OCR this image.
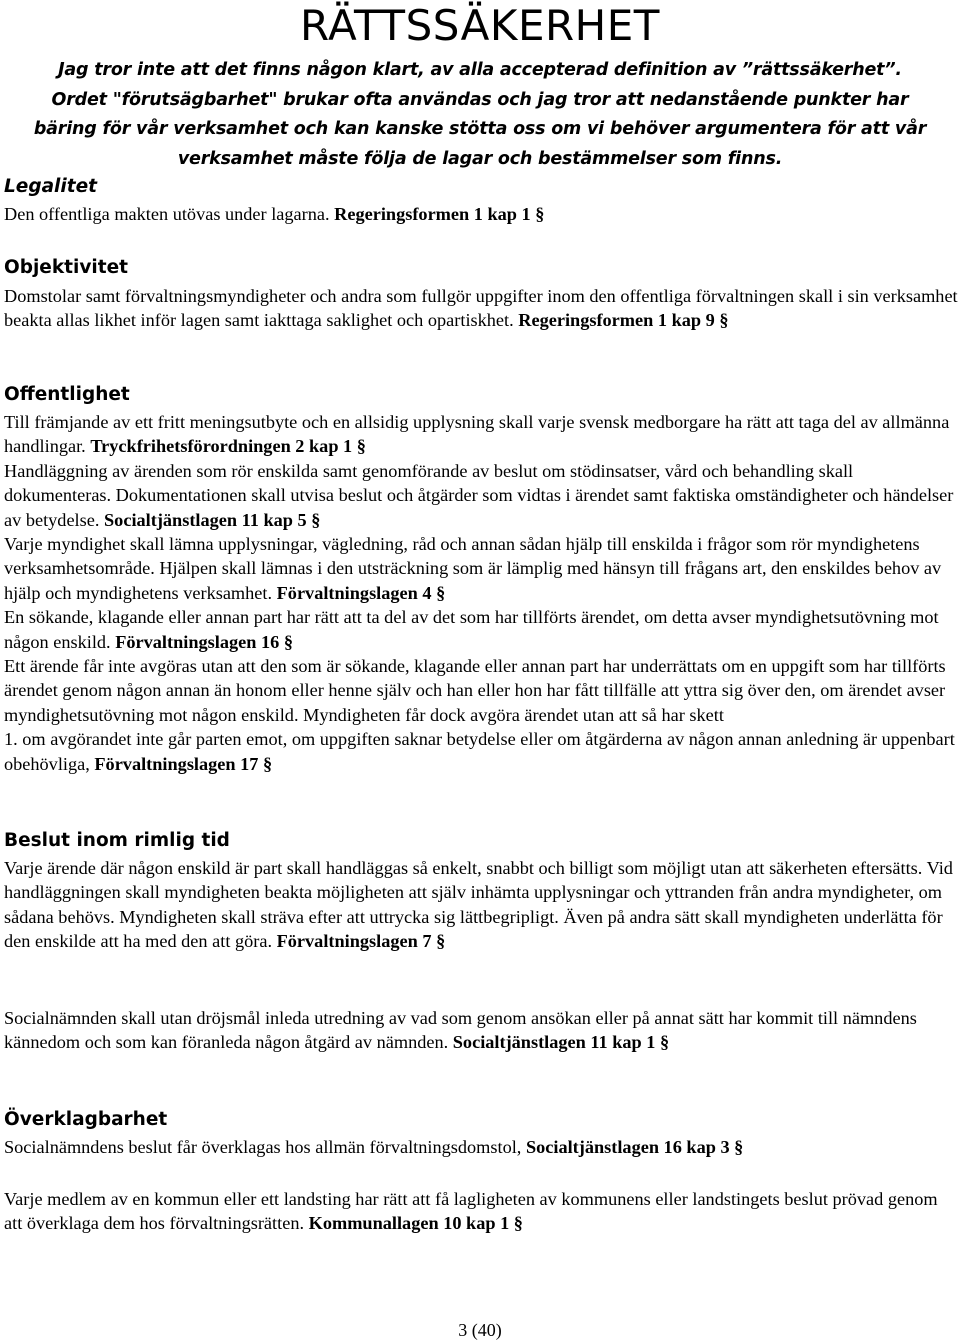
RÄTTSSÄKERHET

Jag tror inte att det finns någon klart, av alla accepterad definition av ”rättssäkerhet”.

Ordet "förutsägbarhet" brukar ofta användas och jag tror att nedanstående punkter har

bäring för vår verksamhet och kan kanske stötta oss om vi behöver argumentera för att vår

verksamhet måste följa de lagar och bestämmelser som finns.

Legalitet

Den offentliga makten utövas under lagarna. Regeringsformen 1 kap 1 §

Objektivitet

Domstolar samt förvaltningsmyndigheter och andra som fullgör uppgifter inom den offentliga förvaltningen skall i sin verksamhet beakta allas likhet inför lagen samt iakttaga saklighet och opartiskhet. Regeringsformen 1 kap 9 §

Offentlighet

Till främjande av ett fritt meningsutbyte och en allsidig upplysning skall varje svensk medborgare ha rätt att taga del av allmänna handlingar. Tryckfrihetsförordningen 2 kap 1 §

Handläggning av ärenden som rör enskilda samt genomförande av beslut om stödinsatser, vård och behandling skall dokumenteras. Dokumentationen skall utvisa beslut och åtgärder som vidtas i ärendet samt faktiska omständigheter och händelser av betydelse. Socialtjänstlagen 11 kap 5 §

Varje myndighet skall lämna upplysningar, vägledning, råd och annan sådan hjälp till enskilda i frågor som rör myndighetens verksamhetsområde. Hjälpen skall lämnas i den utsträckning som är lämplig med hänsyn till frågans art, den enskildes behov av hjälp och myndighetens verksamhet. Förvaltningslagen 4 §

En sökande, klagande eller annan part har rätt att ta del av det som har tillförts ärendet, om detta avser myndighetsutövning mot någon enskild. Förvaltningslagen 16 §

Ett ärende får inte avgöras utan att den som är sökande, klagande eller annan part har underrättats om en uppgift som har tillförts ärendet genom någon annan än honom eller henne själv och han eller hon har fått tillfälle att yttra sig över den, om ärendet avser myndighetsutövning mot någon enskild. Myndigheten får dock avgöra ärendet utan att så har skett

1. om avgörandet inte går parten emot, om uppgiften saknar betydelse eller om åtgärderna av någon annan anledning är uppenbart obehövliga, Förvaltningslagen 17 §

Beslut inom rimlig tid

Varje ärende där någon enskild är part skall handläggas så enkelt, snabbt och billigt som möjligt utan att säkerheten eftersätts. Vid handläggningen skall myndigheten beakta möjligheten att själv inhämta upplysningar och yttranden från andra myndigheter, om sådana behövs. Myndigheten skall sträva efter att uttrycka sig lättbegripligt. Även på andra sätt skall myndigheten underlätta för den enskilde att ha med den att göra. Förvaltningslagen 7 §

Socialnämnden skall utan dröjsmål inleda utredning av vad som genom ansökan eller på annat sätt har kommit till nämndens kännedom och som kan föranleda någon åtgärd av nämnden. Socialtjänstlagen 11 kap 1 §

Överklagbarhet

Socialnämndens beslut får överklagas hos allmän förvaltningsdomstol, Socialtjänstlagen 16 kap 3 §

Varje medlem av en kommun eller ett landsting har rätt att få lagligheten av kommunens eller landstingets beslut prövad genom att överklaga dem hos förvaltningsrätten. Kommunallagen 10 kap 1 §

3 (40)
